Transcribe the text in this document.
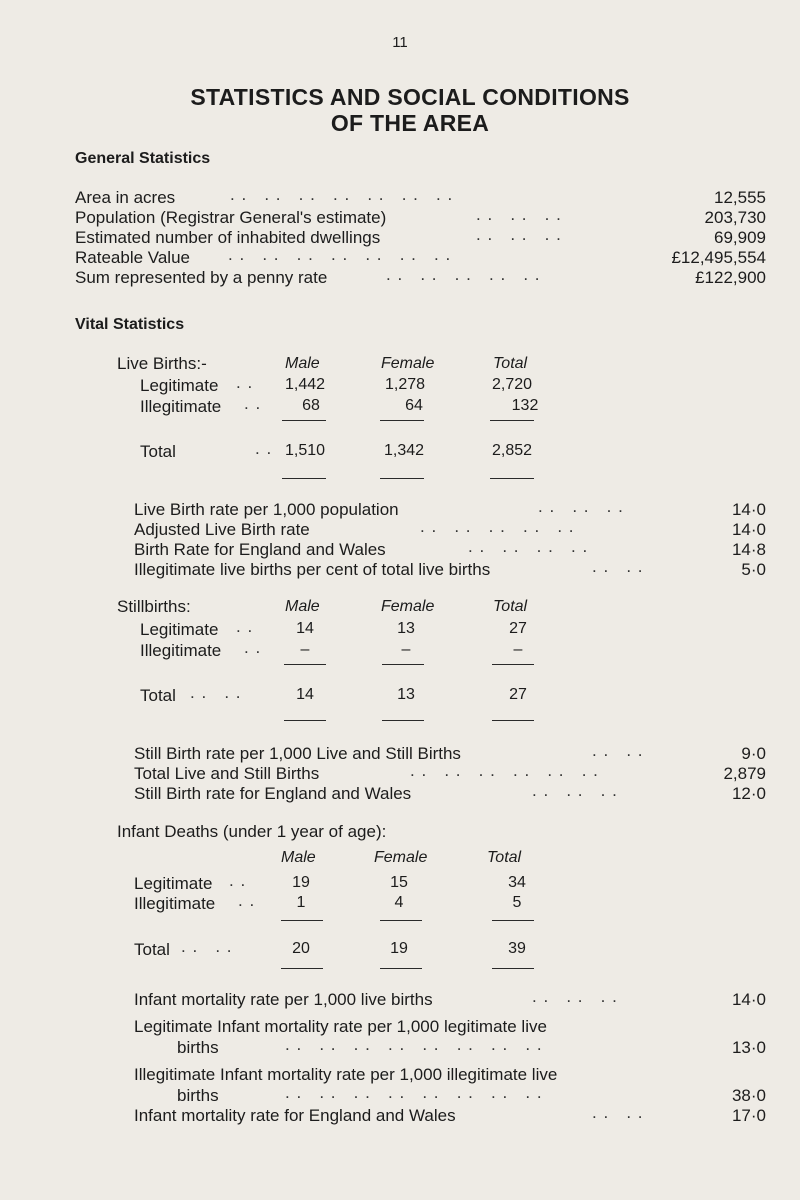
11
STATISTICS AND SOCIAL CONDITIONS
OF THE AREA
General Statistics
Area in acres	. .   . .   . .   . .   . .   . .   . .	12,555
Population (Registrar General's estimate)	. .   . .   . .	203,730
Estimated number of inhabited dwellings	. .   . .   . .	69,909
Rateable Value . .   . .   . .   . .   . .   . .   . .	£12,495,554
Sum represented by a penny rate	. .   . .   . .   . .   . .	£122,900
Vital Statistics
Live Births:-	Male	Female	Total
Legitimate . .	1,442	1,278	2,720
Illegitimate . .	68	64	132
Total	. . 1,510	1,342	2,852
Live Birth rate per 1,000 population	. .   . .   . .	14·0
Adjusted Live Birth rate	. .   . .   . .   . .   . .	14·0
Birth Rate for England and Wales	. .   . .   . .   . .	14·8
Illegitimate live births per cent of total live births	. .   . .	5·0
Stillbirths:	Male	Female	Total
Legitimate . .	14	13	27
Illegitimate . .	–	–	–
Total . .   . .	14	13	27
Still Birth rate per 1,000 Live and Still Births	. .   . .	9·0
Total Live and Still Births	. .   . .   . .   . .   . .   . .	2,879
Still Birth rate for England and Wales	. .   . .   . .	12·0
Infant Deaths (under 1 year of age):
Male	Female	Total
Legitimate . .	19	15	34
Illegitimate . .	1	4	5
Total . .   . .	20	19	39
Infant mortality rate per 1,000 live births	. .   . .   . .	14·0
Legitimate Infant mortality rate per 1,000 legitimate live
births	. .   . .   . .   . .   . .   . .   . .   . .	13·0
Illegitimate Infant mortality rate per 1,000 illegitimate live
births	. .   . .   . .   . .   . .   . .   . .   . .	38·0
Infant mortality rate for England and Wales	. .   . .	17·0
